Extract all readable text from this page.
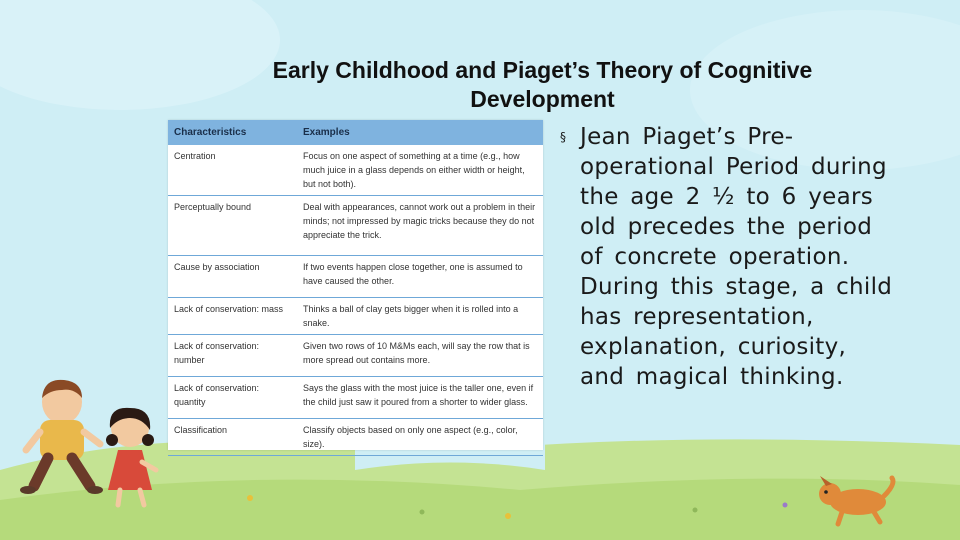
Early Childhood and Piaget’s Theory of Cognitive Development
Characteristics	Examples
Centration	Focus on one aspect of something at a time (e.g., how much juice in a glass depends on either width or height, but not both).
Perceptually bound	Deal with appearances, cannot work out a problem in their minds; not impressed by magic tricks because they do not appreciate the trick.
Cause by association	If two events happen close together, one is assumed to have caused the other.
Lack of conservation: mass	Thinks a ball of clay gets bigger when it is rolled into a snake.
Lack of conservation: number	Given two rows of 10 M&Ms each, will say the row that is more spread out contains more.
Lack of conservation: quantity	Says the glass with the most juice is the taller one, even if the child just saw it poured from a shorter to wider glass.
Classification	Classify objects based on only one aspect (e.g., color, size).
§ Jean Piaget’s Pre-operational Period during the age 2 ½ to 6 years old precedes the period of concrete operation. During this stage, a child has representation, explanation, curiosity, and magical thinking.
